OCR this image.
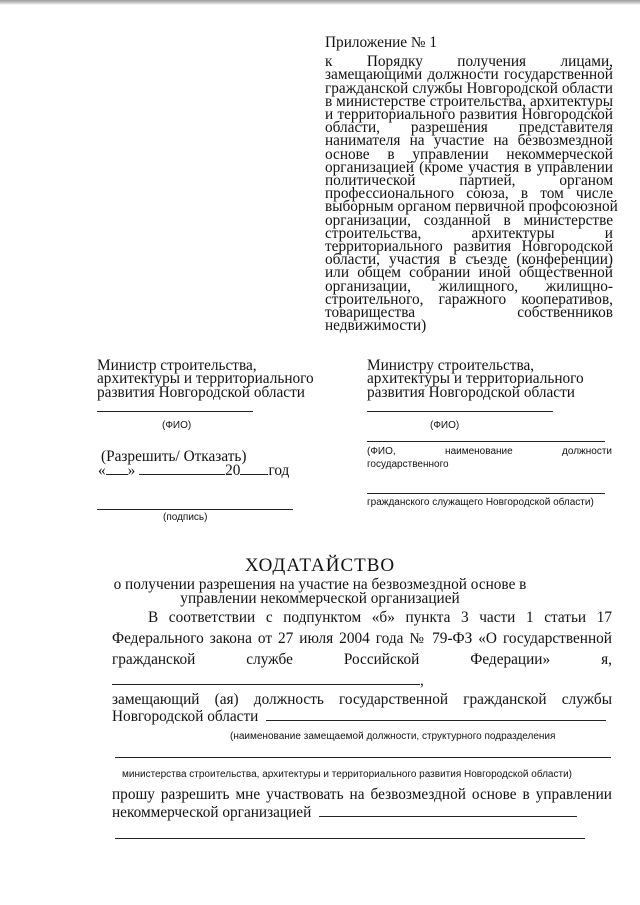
Приложение № 1
к Порядку получения лицами,
замещающими должности государственной
гражданской службы Новгородской области
в министерстве строительства, архитектуры
и территориального развития Новгородской
области, разрешения представителя
нанимателя на участие на безвозмездной
основе в управлении некоммерческой
организацией (кроме участия в управлении
политической партией, органом
профессионального союза, в том числе
выборным органом первичной профсоюзной
организации, созданной в министерстве
строительства, архитектуры и
территориального развития Новгородской
области, участия в съезде (конференции)
или общем собрании иной общественной
организации, жилищного, жилищно-
строительного, гаражного кооперативов,
товарищества собственников
недвижимости)
Министр строительства,
архитектуры и территориального
развития Новгородской области
(ФИО)
(Разрешить/ Отказать)
« »	20 год
(подпись)
Министру строительства,
архитектуры и территориального
развития Новгородской области
(ФИО)
(ФИО,	наименование	должности
государственного
гражданского служащего Новгородской области)
ХОДАТАЙСТВО
о получении разрешения на участие на безвозмездной основе в
управлении некоммерческой организацией
В соответствии с подпунктом «б» пункта 3 части 1 статьи 17
Федерального закона от 27 июля 2004 года № 79-ФЗ «О государственной
гражданской службе Российской Федерации» я,
,
замещающий (ая) должность государственной гражданской службы
Новгородской области
(наименование замещаемой должности, структурного подразделения
министерства строительства, архитектуры и территориального развития Новгородской области)
прошу разрешить мне участвовать на безвозмездной основе в управлении
некоммерческой организацией
